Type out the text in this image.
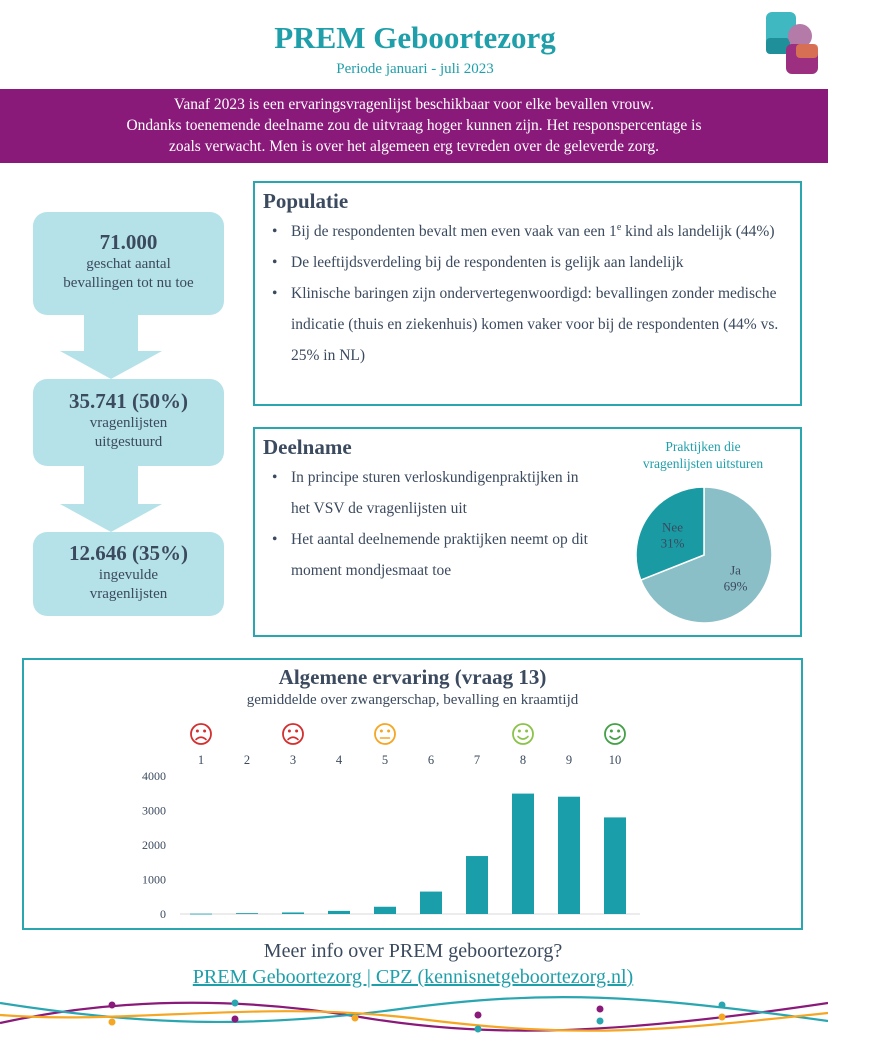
PREM Geboortezorg
Periode januari - juli 2023
Vanaf 2023 is een ervaringsvragenlijst beschikbaar voor elke bevallen vrouw.
Ondanks toenemende deelname zou de uitvraag hoger kunnen zijn. Het responspercentage is
zoals verwacht. Men is over het algemeen erg tevreden over de geleverde zorg.
71.000
geschat aantal
bevallingen tot nu toe
35.741 (50%)
vragenlijsten
uitgestuurd
12.646 (35%)
ingevulde
vragenlijsten
Populatie
• Bij de respondenten bevalt men even vaak van een 1e kind als landelijk (44%)
• De leeftijdsverdeling bij de respondenten is gelijk aan landelijk
• Klinische baringen zijn ondervertegenwoordigd: bevallingen zonder medische indicatie (thuis en ziekenhuis) komen vaker voor bij de respondenten (44% vs. 25% in NL)
Deelname
• In principe sturen verloskundigenpraktijken in het VSV de vragenlijsten uit
• Het aantal deelnemende praktijken neemt op dit moment mondjesmaat toe
Praktijken die
vragenlijsten uitsturen
Ja
69%
Nee
31%
Algemene ervaring (vraag 13)
gemiddelde over zwangerschap, bevalling en kraamtijd
0
1000
2000
3000
4000
1	2	3	4	5	6	7	8	9	10
Meer info over PREM geboortezorg?
PREM Geboortezorg | CPZ (kennisnetgeboortezorg.nl)
